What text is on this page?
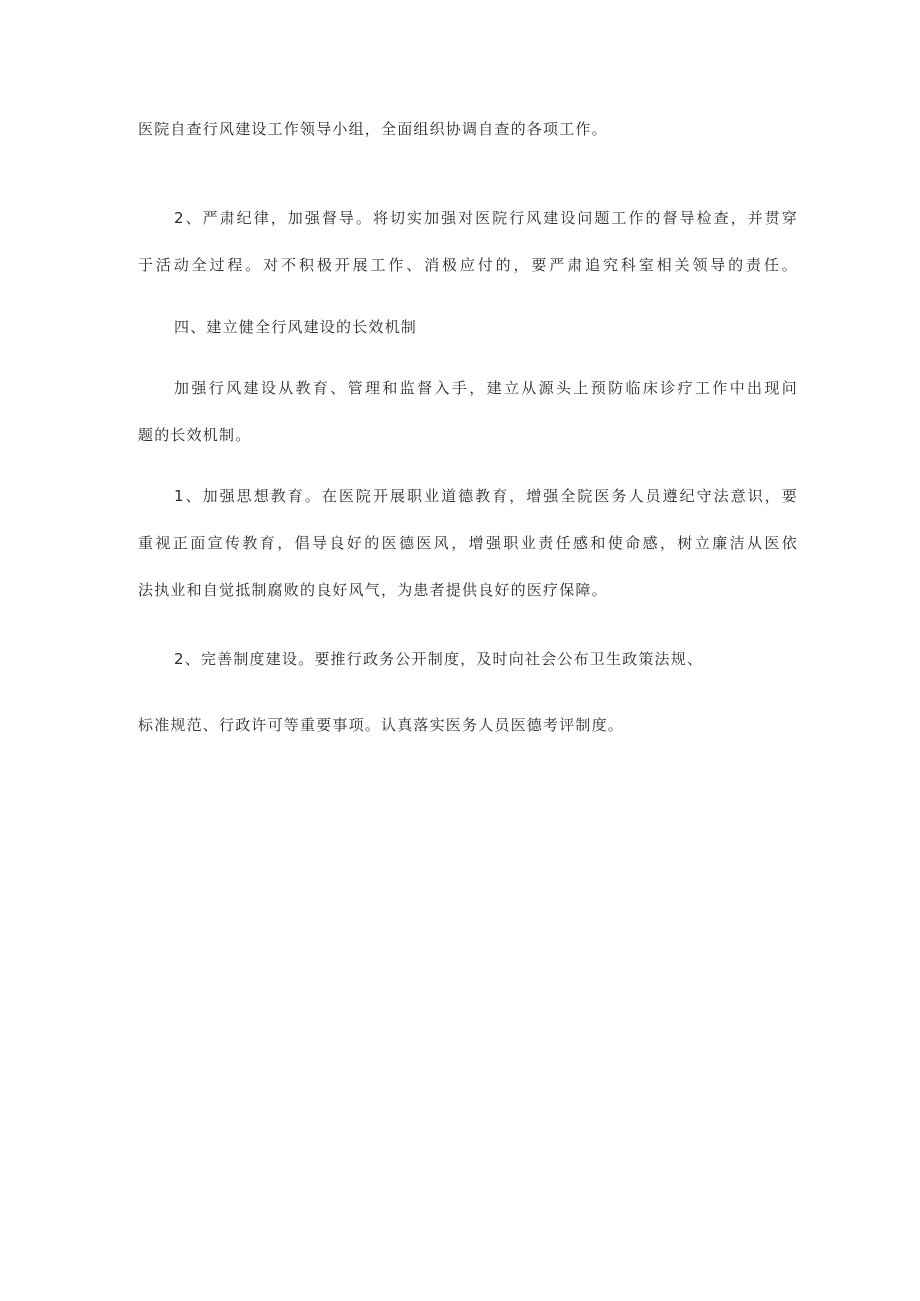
医院自查行风建设工作领导小组，全面组织协调自查的各项工作。
2、严肃纪律，加强督导。将切实加强对医院行风建设问题工作的督导检查，并贯穿
于活动全过程。对不积极开展工作、消极应付的，要严肃追究科室相关领导的责任。
四、建立健全行风建设的长效机制
加强行风建设从教育、管理和监督入手，建立从源头上预防临床诊疗工作中出现问
题的长效机制。
1、加强思想教育。在医院开展职业道德教育，增强全院医务人员遵纪守法意识，要
重视正面宣传教育，倡导良好的医德医风，增强职业责任感和使命感，树立廉洁从医依
法执业和自觉抵制腐败的良好风气，为患者提供良好的医疗保障。
2、完善制度建设。要推行政务公开制度，及时向社会公布卫生政策法规、
标准规范、行政许可等重要事项。认真落实医务人员医德考评制度。
